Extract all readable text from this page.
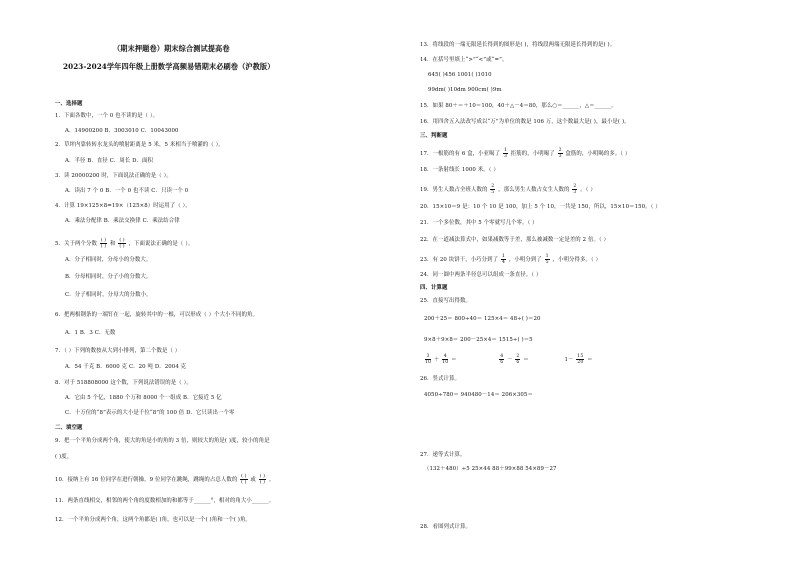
（期末押题卷）期末综合测试提高卷
2023-2024学年四年级上册数学高频易错期末必刷卷（沪教版）
一、选择题
1．下面各数中，一个 0 也不读的是（ ）。
A．14900200 B．3003010 C．10043000
2．草坪内靠转转水龙头的喷射距离是 5 米，5 米相当于喷灌的（ ）。
A．半径 B．直径 C．周长 D．面积
3．读 20000200 时，下面说法正确的是（ ）。
A．读出 7 个 0 B．一个 0 也不读 C．只读一个 0
4．计算 19×125×8=19×（125×8）时运用了（ ）。
A．乘法分配律 B．乘法交换律 C．乘法结合律
5．关于两个分数 $\frac{( )}{( )}$ 和 $\frac{( )}{( )}$ ，下面说法正确的是（ ）。
A．分子相同时，分母小的分数大。
B．分母相同时，分子小的分数大。
C．分子相同时，分母大的分数小。
6．把两根钢条的一端钉在一起，旋转其中的一根，可以形成（ ）个大小不同的角。
A．1 B．3 C．无数
7．（ ）下列的数按从大到小排列，第二个数是（ ）
A．54 千克 B．6000 克 C．20 吨 D．2004 克
8．对于 518808000 这个数，下列说法错误的是（ ）。
A．它由 5 个亿，1880 个万和 8000 个一组成 B．它接近 5 亿
C．十万位的“8”表示的大小是千位“8”的 100 倍 D．它只读出一个零
二、填空题
9．把一个平角分成两个角，使大的角是小的角的 3 倍，则较大的角是( )度，较小的角是
( )度。
10．接纳上有 16 位同学在进行朝操，9 位同学在跳绳，跳绳的占总人数的 $\frac{( )}{( )}$ 或 $\frac{( )}{( )}$ 。
11．两条直线相交，相邻的两个角的度数相加的和都等于______°，相对的角大小______。
12．一个平角分成两个角，这两个角都是( )角，也可以是一个( )角和一个( )角。
13．将线段的一端无限延长得到的图形是( )，将线段两端无限延长得到的是( )。
14．在括号里填上“>”“<”或“=”。
645( )456 1001( )1010
99dm( )10dm 900cm( )9m
15．如果 80＋＝＋10＝100，40＋△－4＝80，那么○＝______，△＝______。
16．用四舍五入法改写成以“万”为单位的数是 106 万，这个数最大是( )，最小是( )。
三、判断题
17．一根筋的有 6 盒，小亚喝了 $\frac{1}{3}$ 拒筋的，小明喝了 $\frac{2}{3}$ 盒筋的，小明喝的多。（ ）
18．一条射线长 1000 米。（ ）
19．男生人数占全班人数的 $\frac{2}{5}$ ，那么男生人数占女生人数的 $\frac{2}{3}$ 。（ ）
20．15×10＝9 是：10 个 10 是 100，加上 5 个 10，一共是 150，所以，15×10＝150。（ ）
21．一个多位数，其中 5 个零就写几个零。（ ）
22．在一道减法算式中，如果减数等于差，那么被减数一定是差的 2 倍。（ ）
23．有 20 块饼干，小巧分到了 $\frac{1}{4}$ ，小明分到了 $\frac{1}{5}$ ，小明分得多。（ ）
24．同一圆中两条半径总可以组成一条直径。（ ）
四、计算题
25．直接写出得数。
200＋25＝ 800÷40＝ 125×4＝ 48÷( )＝20
9×8＋9×8＝ 200－25×4＝ 1515÷( )＝5
$\frac{3}{10} + \frac{4}{10}$ ＝	$\frac{4}{6} - \frac{2}{6}$ ＝	$1- \frac{15}{20}$ ＝
26．竖式计算。
4050÷780＝ 940480－14＝ 206×305＝
27．递等式计算。
（132＋480）÷5 25×44 88＋99×88 54×89－27
28．看图列式计算。
